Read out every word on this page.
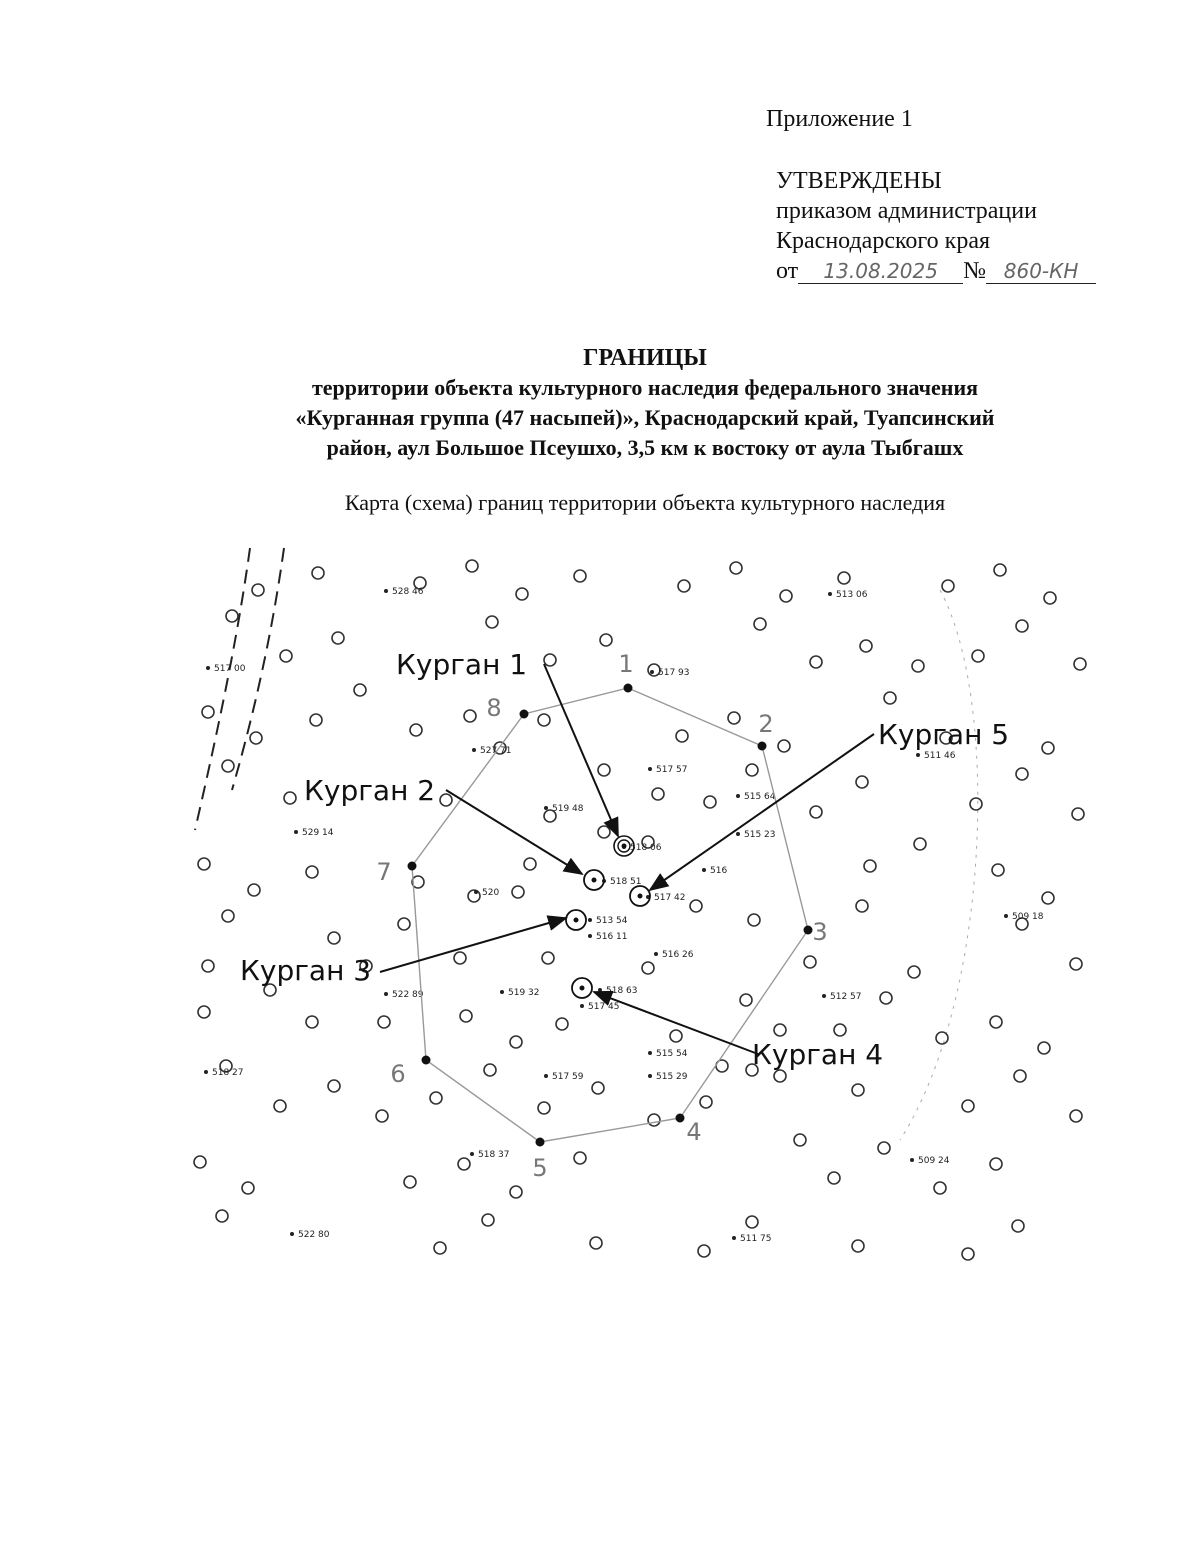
Приложение 1
УТВЕРЖДЕНЫ
приказом администрации
Краснодарского края
от 13.08.2025 № 860-КН
ГРАНИЦЫ
территории объекта культурного наследия федерального значения
«Курганная группа (47 насыпей)», Краснодарский край, Туапсинский
район, аул Большое Псеушхо, 3,5 км к востоку от аула Тыбгашх
Карта (схема) границ территории объекта культурного наследия
528 46	513 06
517 00	517 93
527 71
517 57
511 46
519 48
515 64
515 23
529 14
518 06
516
518 51
517 42
520
509 18
513 54
516 11
516 26
522 89	519 32	518 63
517 45
512 57
515 54
518 27	517 59	515 29
518 37
509 24
522 80	511 75
1
2
3
4
5
6
7
8
Курган 1
Курган 2
Курган 3
Курган 4
Курган 5
